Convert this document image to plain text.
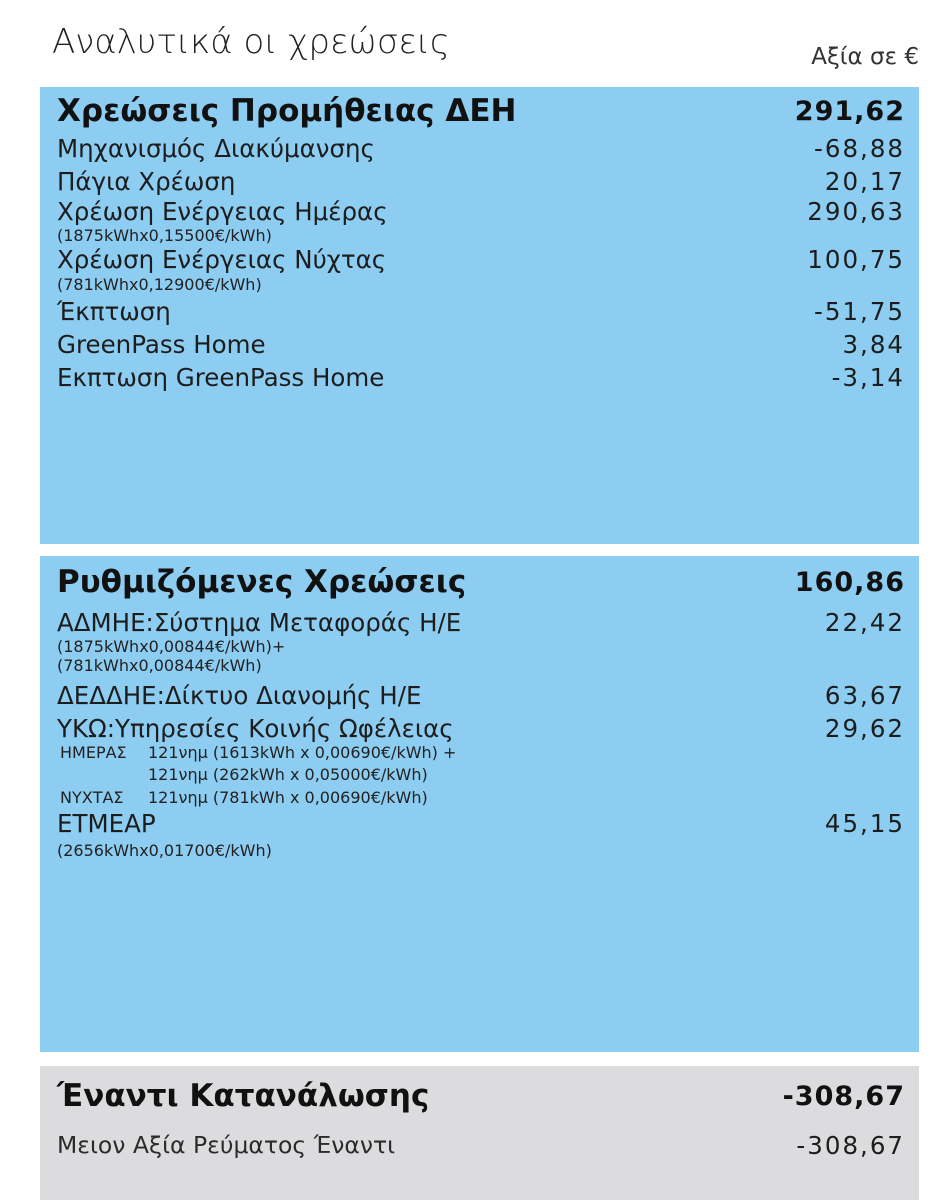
Αναλυτικά οι χρεώσεις	Αξία σε €
Χρεώσεις Προμήθειας ΔΕΗ	291,62
Μηχανισμός Διακύμανσης	-68,88
Πάγια Χρέωση	20,17
Χρέωση Ενέργειας Ημέρας	290,63
(1875kWhx0,15500€/kWh)
Χρέωση Ενέργειας Νύχτας	100,75
(781kWhx0,12900€/kWh)
Έκπτωση	-51,75
GreenPass Home	3,84
Εκπτωση GreenPass Home	-3,14
Ρυθμιζόμενες Χρεώσεις	160,86
ΑΔΜΗΕ:Σύστημα Μεταφοράς Η/Ε	22,42
(1875kWhx0,00844€/kWh)+
(781kWhx0,00844€/kWh)
ΔΕΔΔΗΕ:Δίκτυο Διανομής Η/Ε	63,67
ΥΚΩ:Υπηρεσίες Κοινής Ωφέλειας	29,62
ΗΜΕΡΑΣ 121νημ (1613kWh x 0,00690€/kWh) +
121νημ (262kWh x 0,05000€/kWh)
ΝΥΧΤΑΣ 121νημ (781kWh x 0,00690€/kWh)
ΕΤΜΕΑΡ	45,15
(2656kWhx0,01700€/kWh)
Έναντι Κατανάλωσης	-308,67
Μειον Αξία Ρεύματος Έναντι	-308,67
